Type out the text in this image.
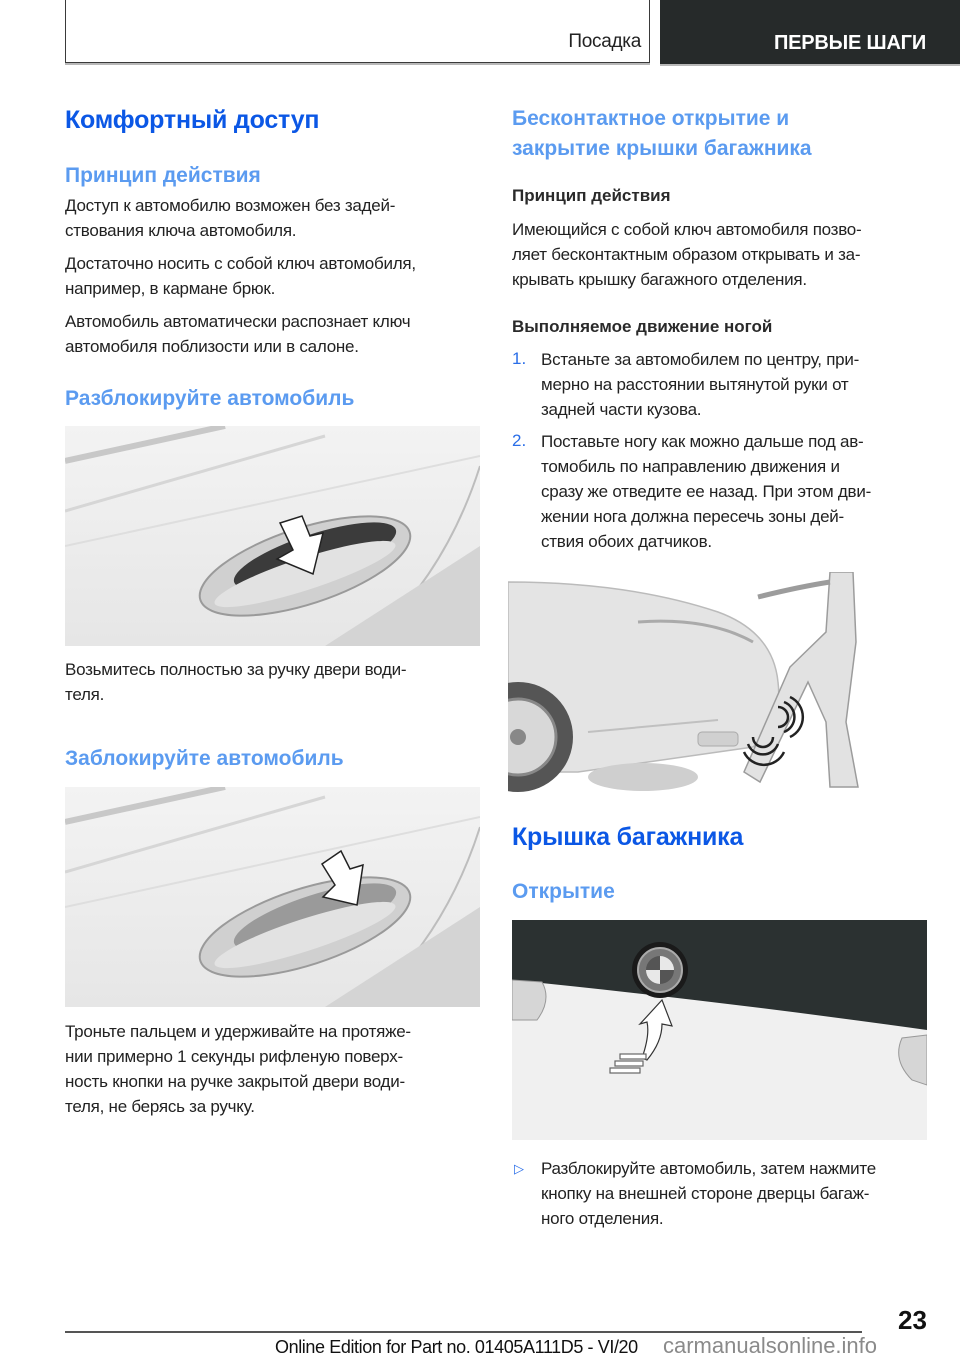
Посадка	ПЕРВЫЕ ШАГИ
Комфортный доступ
Принцип действия
Доступ к автомобилю возможен без задей-
ствования ключа автомобиля.
Достаточно носить с собой ключ автомобиля,
например, в кармане брюк.
Автомобиль автоматически распознает ключ
автомобиля поблизости или в салоне.
Разблокируйте автомобиль
Возьмитесь полностью за ручку двери води-
теля.
Заблокируйте автомобиль
Троньте пальцем и удерживайте на протяже-
нии примерно 1 секунды рифленую поверх-
ность кнопки на ручке закрытой двери води-
теля, не берясь за ручку.
Бесконтактное открытие и
закрытие крышки багажника
Принцип действия
Имеющийся с собой ключ автомобиля позво-
ляет бесконтактным образом открывать и за-
крывать крышку багажного отделения.
Выполняемое движение ногой
1. Встаньте за автомобилем по центру, при-
мерно на расстоянии вытянутой руки от
задней части кузова.
2. Поставьте ногу как можно дальше под ав-
томобиль по направлению движения и
сразу же отведите ее назад. При этом дви-
жении нога должна пересечь зоны дей-
ствия обоих датчиков.
Крышка багажника
Открытие
▷ Разблокируйте автомобиль, затем нажмите
кнопку на внешней стороне дверцы багаж-
ного отделения.
23
Online Edition for Part no. 01405A111D5 - VI/20 carmanualsonline.info
